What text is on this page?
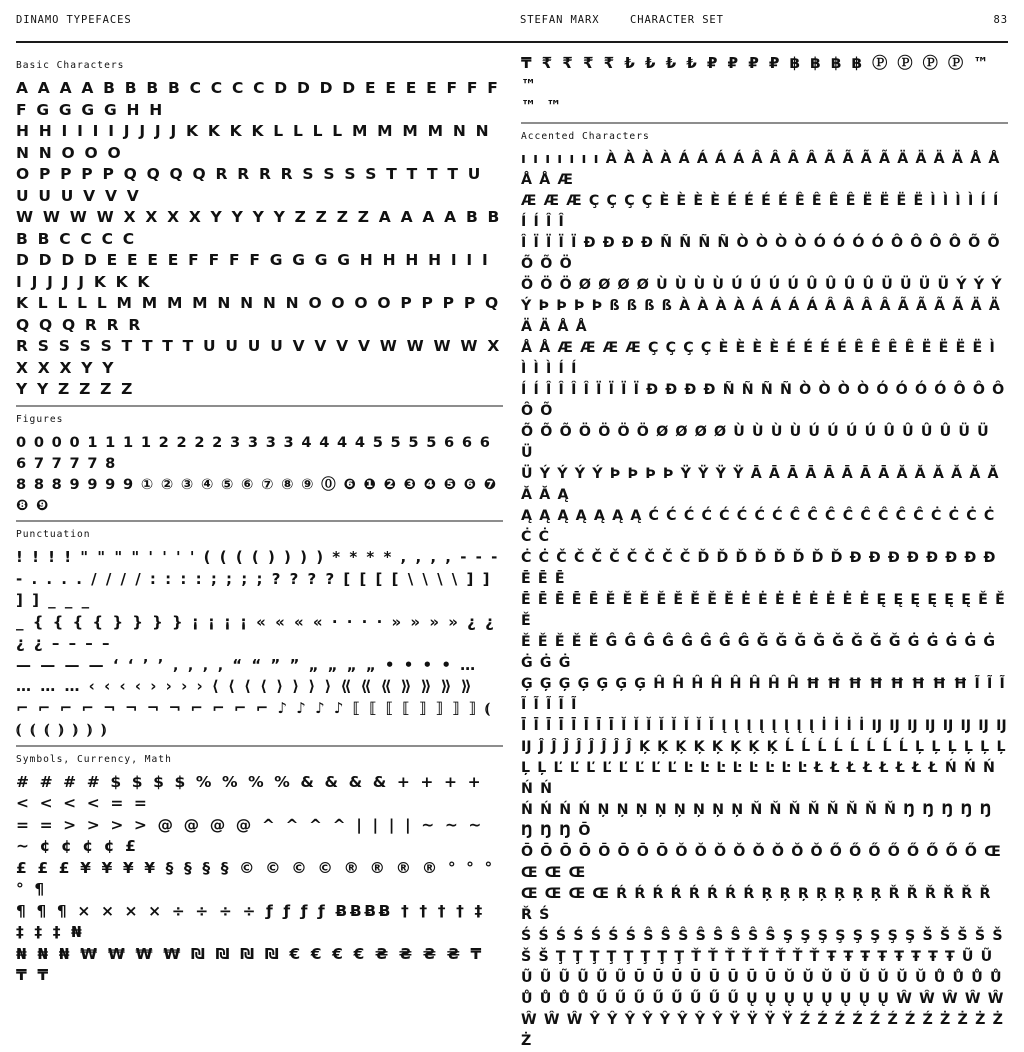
DINAMO TYPEFACES	STEFAN MARX	CHARACTER SET	83
Basic Characters
A A A A B B B B C C C C D D D D E E E E F F F F G G G G H H
H H I I I I J J J J K K K K L L L L M M M M N N N N O O O
O P P P P Q Q Q Q R R R R S S S S T T T T U U U U V V V
W W W W X X X X Y Y Y Y Z Z Z Z A A A A B B B B C C C C
D D D D E E E E F F F F G G G G H H H H I I I I J J J J K K K
K L L L L M M M M N N N N O O O O P P P P Q Q Q Q R R R
R S S S S T T T T U U U U V V V V W W W W X X X X Y Y
Y Y Z Z Z Z
Figures
0 0 0 0 1 1 1 1 2 2 2 2 3 3 3 3 4 4 4 4 5 5 5 5 6 6 6 6 7 7 7 7 8
8 8 8 9 9 9 9 ① ② ③ ④ ⑤ ⑥ ⑦ ⑧ ⑨ ⓪ ❻ ❶ ❷ ❸ ❹ ❺ ❻ ❼
❽ ❾
Punctuation
! ! ! ! " " " " ' ' ' ' ( ( ( ( ) ) ) ) * * * * , , , , - - -
- . . . . / / / / : : : : ; ; ; ; ? ? ? ? [ [ [ [ \ \ \ \ ] ] ] ] _ _ _
_ { { { { } } } } ¡ ¡ ¡ ¡ « « « « · · · · » » » » ¿ ¿ ¿ ¿ – – – –
— — — — ‘ ‘ ’ ’ ‚ ‚ ‚ ‚ “ “ ” ” „ „ „ „ • • • • …
… … … ‹ ‹ ‹ ‹ › › › › ⟨ ⟨ ⟨ ⟨ ⟩ ⟩ ⟩ ⟩ ⟪ ⟪ ⟪ ⟫ ⟫ ⟫ ⟫
⌐ ⌐ ⌐ ⌐ ¬ ¬ ¬ ¬ ⌐ ⌐ ⌐ ⌐ ♪ ♪ ♪ ♪ ⟦ ⟦ ⟦ ⟦ ⟧ ⟧ ⟧ ⟧ ⦅ ⦅ ⦅ ⦅ ⦆ ⦆ ⦆ ⦆
Symbols, Currency, Math
# # # # $ $ $ $ % % % % & & & & + + + + < < < < = =
= = > > > > @ @ @ @ ^ ^ ^ ^ | | | | ~ ~ ~ ~ ¢ ¢ ¢ ¢ £
£ £ £ ¥ ¥ ¥ ¥ § § § § © © © © ® ® ® ® ° ° ° ° ¶
¶ ¶ ¶ × × × × ÷ ÷ ÷ ÷ ƒ ƒ ƒ ƒ ɃɃɃɃ † † † † ‡ ‡ ‡ ‡ ₦
₦ ₦ ₦ ₩ ₩ ₩ ₩ ₪ ₪ ₪ ₪ € € € € ₴ ₴ ₴ ₴ ₸ ₸ ₸
₸ ₹ ₹ ₹ ₹ ₺ ₺ ₺ ₺ ₽ ₽ ₽ ₽ ฿ ฿ ฿ ฿ Ⓟ Ⓟ Ⓟ Ⓟ ™ ™
™ ™
Accented Characters
ı ı ı ı ı ı ı À À À À Á Á Á Á Â Â Â Â Ã Ã Ã Ã Ä Ä Ä Ä Å Å Å Å Æ
Æ Æ Æ Ç Ç Ç Ç È È È È É É É É Ê Ê Ê Ê Ë Ë Ë Ë Ì Ì Ì Ì Í Í Í Í Î Î
Î Ï Ï Ï Ï Ð Ð Ð Ð Ñ Ñ Ñ Ñ Ò Ò Ò Ò Ó Ó Ó Ó Ô Ô Ô Ô Õ Õ Õ Õ Ö
Ö Ö Ö Ø Ø Ø Ø Ù Ù Ù Ù Ú Ú Ú Ú Û Û Û Û Ü Ü Ü Ü Ý Ý Ý
Ý Þ Þ Þ Þ ß ß ß ß À À À À Á Á Á Á Â Â Â Â Ã Ã Ã Ã Ä Ä Ä Ä Å Å
Å Å Æ Æ Æ Æ Ç Ç Ç Ç È È È È É É É É Ê Ê Ê Ê Ë Ë Ë Ë Ì Ì Ì Ì Í Í
Í Í Î Î Î Î Ï Ï Ï Ï Ð Ð Ð Ð Ñ Ñ Ñ Ñ Ò Ò Ò Ò Ó Ó Ó Ó Ô Ô Ô Ô Õ
Õ Õ Õ Ö Ö Ö Ö Ø Ø Ø Ø Ù Ù Ù Ù Ú Ú Ú Ú Û Û Û Û Ü Ü Ü
Ü Ý Ý Ý Ý Þ Þ Þ Þ Ÿ Ÿ Ÿ Ÿ Ā Ā Ā Ā Ā Ā Ā Ā Ă Ă Ă Ă Ă Ă Ă Ă Ą
Ą Ą Ą Ą Ą Ą Ą Ć Ć Ć Ć Ć Ć Ć Ć Ĉ Ĉ Ĉ Ĉ Ĉ Ĉ Ĉ Ĉ Ċ Ċ Ċ Ċ Ċ Ċ
Ċ Ċ Č Č Č Č Č Č Č Č Ď Ď Ď Ď Ď Ď Ď Ď Đ Đ Đ Đ Đ Đ Đ Đ Ē Ē Ē
Ē Ē Ē Ē Ē Ĕ Ĕ Ĕ Ĕ Ĕ Ĕ Ĕ Ĕ Ė Ė Ė Ė Ė Ė Ė Ė Ę Ę Ę Ę Ę Ę Ě Ě Ě
Ě Ě Ě Ě Ě Ĝ Ĝ Ĝ Ĝ Ĝ Ĝ Ĝ Ĝ Ğ Ğ Ğ Ğ Ğ Ğ Ğ Ğ Ġ Ġ Ġ Ġ Ġ Ġ Ġ Ġ
Ģ Ģ Ģ Ģ Ģ Ģ Ģ Ĥ Ĥ Ĥ Ĥ Ĥ Ĥ Ĥ Ĥ Ħ Ħ Ħ Ħ Ħ Ħ Ħ Ħ Ĩ Ĩ Ĩ Ĩ Ĩ Ĩ Ĩ Ĩ
Ī Ī Ī Ī Ī Ī Ī Ī Ĭ Ĭ Ĭ Ĭ Ĭ Ĭ Ĭ Ĭ Į Į Į Į Į Į Į Į İ İ İ İ Ĳ Ĳ Ĳ Ĳ Ĳ Ĳ Ĳ Ĳ
Ĳ Ĵ Ĵ Ĵ Ĵ Ĵ Ĵ Ĵ Ĵ Ķ Ķ Ķ Ķ Ķ Ķ Ķ Ķ Ĺ Ĺ Ĺ Ĺ Ĺ Ĺ Ĺ Ĺ Ļ Ļ Ļ Ļ Ļ Ļ
Ļ Ļ Ľ Ľ Ľ Ľ Ľ Ľ Ľ Ľ Ŀ Ŀ Ŀ Ŀ Ŀ Ŀ Ŀ Ŀ Ł Ł Ł Ł Ł Ł Ł Ł Ń Ń Ń Ń Ń
Ń Ń Ń Ń Ņ Ņ Ņ Ņ Ņ Ņ Ņ Ņ Ň Ň Ň Ň Ň Ň Ň Ň Ŋ Ŋ Ŋ Ŋ Ŋ Ŋ Ŋ Ŋ Ō
Ō Ō Ō Ō Ō Ō Ō Ō Ŏ Ŏ Ŏ Ŏ Ŏ Ŏ Ŏ Ŏ Ő Ő Ő Ő Ő Ő Ő Ő Œ Œ Œ Œ
Œ Œ Œ Œ Ŕ Ŕ Ŕ Ŕ Ŕ Ŕ Ŕ Ŕ Ŗ Ŗ Ŗ Ŗ Ŗ Ŗ Ŗ Ř Ř Ř Ř Ř Ř Ř Ś
Ś Ś Ś Ś Ś Ś Ś Ŝ Ŝ Ŝ Ŝ Ŝ Ŝ Ŝ Ŝ Ş Ş Ş Ş Ş Ş Ş Ş Š Š Š Š Š
Š Š Ţ Ţ Ţ Ţ Ţ Ţ Ţ Ţ Ť Ť Ť Ť Ť Ť Ť Ť Ŧ Ŧ Ŧ Ŧ Ŧ Ŧ Ŧ Ŧ Ũ Ũ
Ũ Ũ Ũ Ũ Ũ Ũ Ū Ū Ū Ū Ū Ū Ū Ū Ŭ Ŭ Ŭ Ŭ Ŭ Ŭ Ŭ Ŭ Ů Ů Ů Ů
Ů Ů Ů Ů Ű Ű Ű Ű Ű Ű Ű Ű Ų Ų Ų Ų Ų Ų Ų Ų Ŵ Ŵ Ŵ Ŵ Ŵ
Ŵ Ŵ Ŵ Ŷ Ŷ Ŷ Ŷ Ŷ Ŷ Ŷ Ŷ Ÿ Ÿ Ÿ Ÿ Ź Ź Ź Ź Ź Ź Ź Ź Ż Ż Ż Ż Ż
